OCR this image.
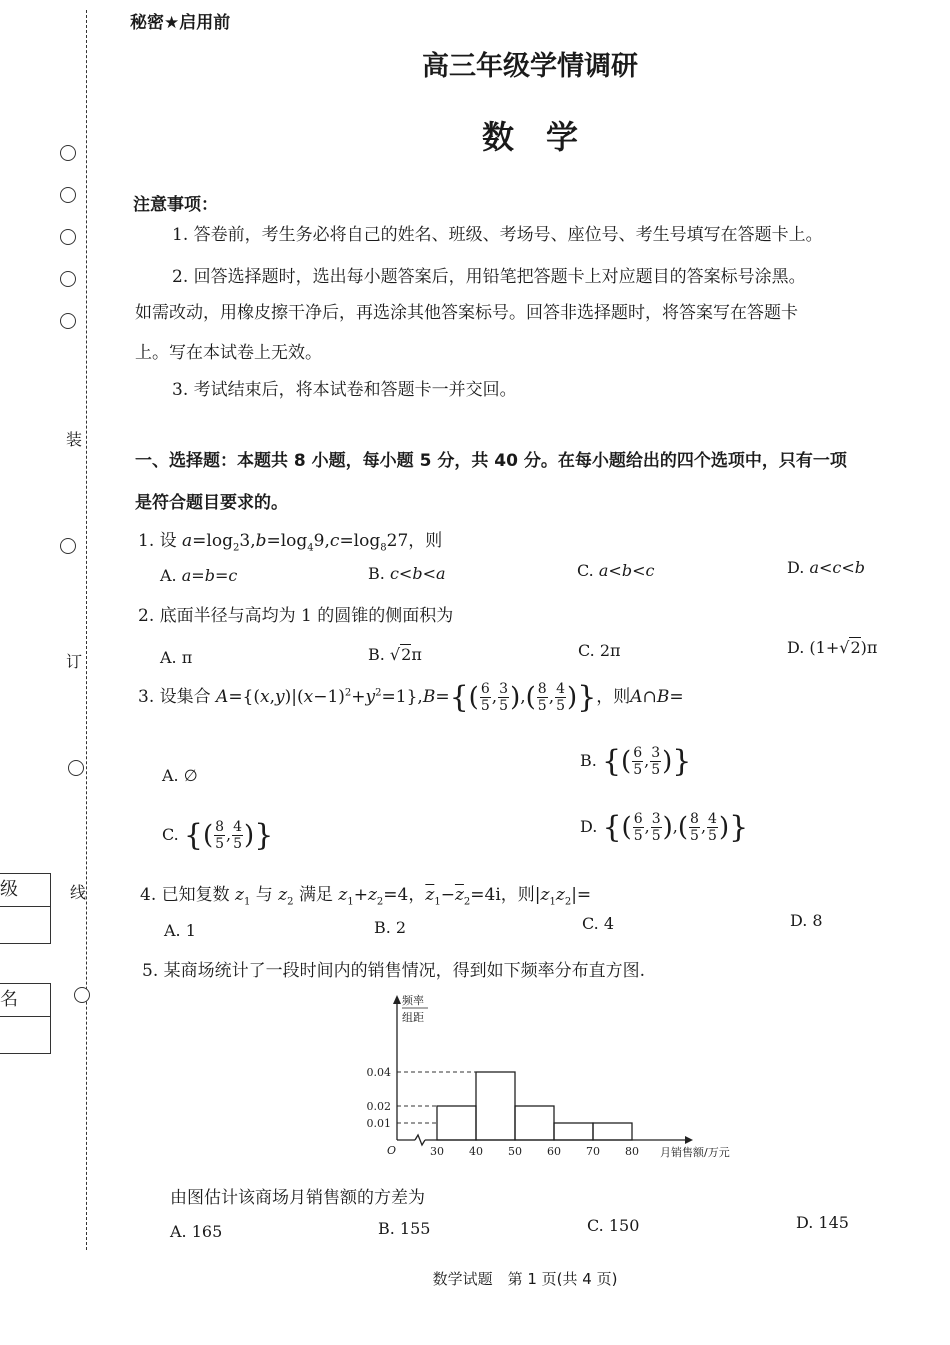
装
订
线
级
名
秘密★启用前
高三年级学情调研
数　学
注意事项：
1. 答卷前，考生务必将自己的姓名、班级、考场号、座位号、考生号填写在答题卡上。
2. 回答选择题时，选出每小题答案后，用铅笔把答题卡上对应题目的答案标号涂黑。
如需改动，用橡皮擦干净后，再选涂其他答案标号。回答非选择题时，将答案写在答题卡
上。写在本试卷上无效。
3. 考试结束后，将本试卷和答题卡一并交回。
一、选择题：本题共 8 小题，每小题 5 分，共 40 分。在每小题给出的四个选项中，只有一项
是符合题目要求的。
1. 设 $a=\log_23,b=\log_49,c=\log_827$，则
A. a=b=c	B. c<b<a	C. a<b<c	D. a<c<b
2. 底面半径与高均为 1 的圆锥的侧面积为
A. π	B. √2π	C. 2π	D. (1+√2)π
3. 设集合 $A=\{(x,y)|(x-1)^2+y^2=1\},B=\{( \frac{6}{5}$ , $\frac{3}{5}$ ),( $\frac{8}{5}$ , $\frac{4}{5}$ )}，则A∩B=
A. ∅
B. {( $\frac{6}{5}$ , $\frac{3}{5}$ )}
C. {( $\frac{8}{5}$ , $\frac{4}{5}$ )}	D. {( $\frac{6}{5}$ , $\frac{3}{5}$ ),( $\frac{8}{5}$ , $\frac{4}{5}$ )}
4. 已知复数 $z_1$ 与 $z_2$ 满足 $z_1+z_2=4$，$\overline{z}_1-\overline{z}_2=4i$，则$|z_1z_2|=$
A. 1	B. 2	C. 4	D. 8
5. 某商场统计了一段时间内的销售情况，得到如下频率分布直方图.
0.01
0.02
0.04
30 40 50 60 70 80
O	月销售额/万元
频率
组距
由图估计该商场月销售额的方差为
A. 165	B. 155	C. 150	D. 145
数学试题　第 1 页(共 4 页)
